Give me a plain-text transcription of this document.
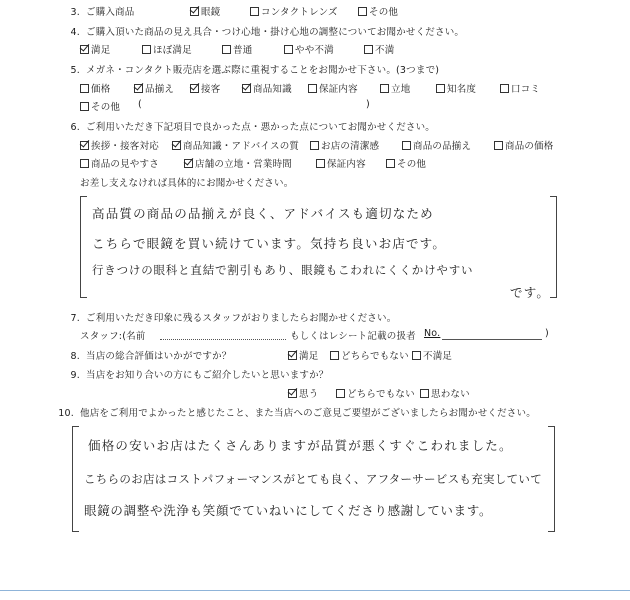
3. ご購入商品	眼鏡	コンタクトレンズ	その他
4. ご購入頂いた商品の見え具合・つけ心地・掛け心地の調整についてお聞かせください。
満足	ほぼ満足	普通	やや不満	不満
5. メガネ・コンタクト販売店を選ぶ際に重視することをお聞かせ下さい。(3つまで)
価格	品揃え	接客	商品知識	保証内容	立地	知名度	口コミ
その他 (	)
6. ご利用いただき下記項目で良かった点・悪かった点についてお聞かせください。
挨拶・接客対応	商品知識・アドバイスの質	お店の清潔感	商品の品揃え	商品の価格
商品の見やすさ	店舗の立地・営業時間	保証内容	その他
お差し支えなければ具体的にお聞かせください。
高品質の商品の品揃えが良く、アドバイスも適切なため
こちらで眼鏡を買い続けています。気持ち良いお店です。
行きつけの眼科と直結で割引もあり、眼鏡もこわれにくくかけやすい
です。
7. ご利用いただき印象に残るスタッフがおりましたらお聞かせください。
スタッフ:(名前	もしくはレシート記載の扱者 No.	)
8. 当店の総合評価はいかがですか？	満足	どちらでもない	不満足
9. 当店をお知り合いの方にもご紹介したいと思いますか？
思う	どちらでもない	思わない
10. 他店をご利用でよかったと感じたこと、また当店へのご意見ご要望がございましたらお聞かせください。
価格の安いお店はたくさんありますが品質が悪くすぐこわれました。
こちらのお店はコストパフォーマンスがとても良く、アフターサービスも充実していて
眼鏡の調整や洗浄も笑顔でていねいにしてくださり感謝しています。
